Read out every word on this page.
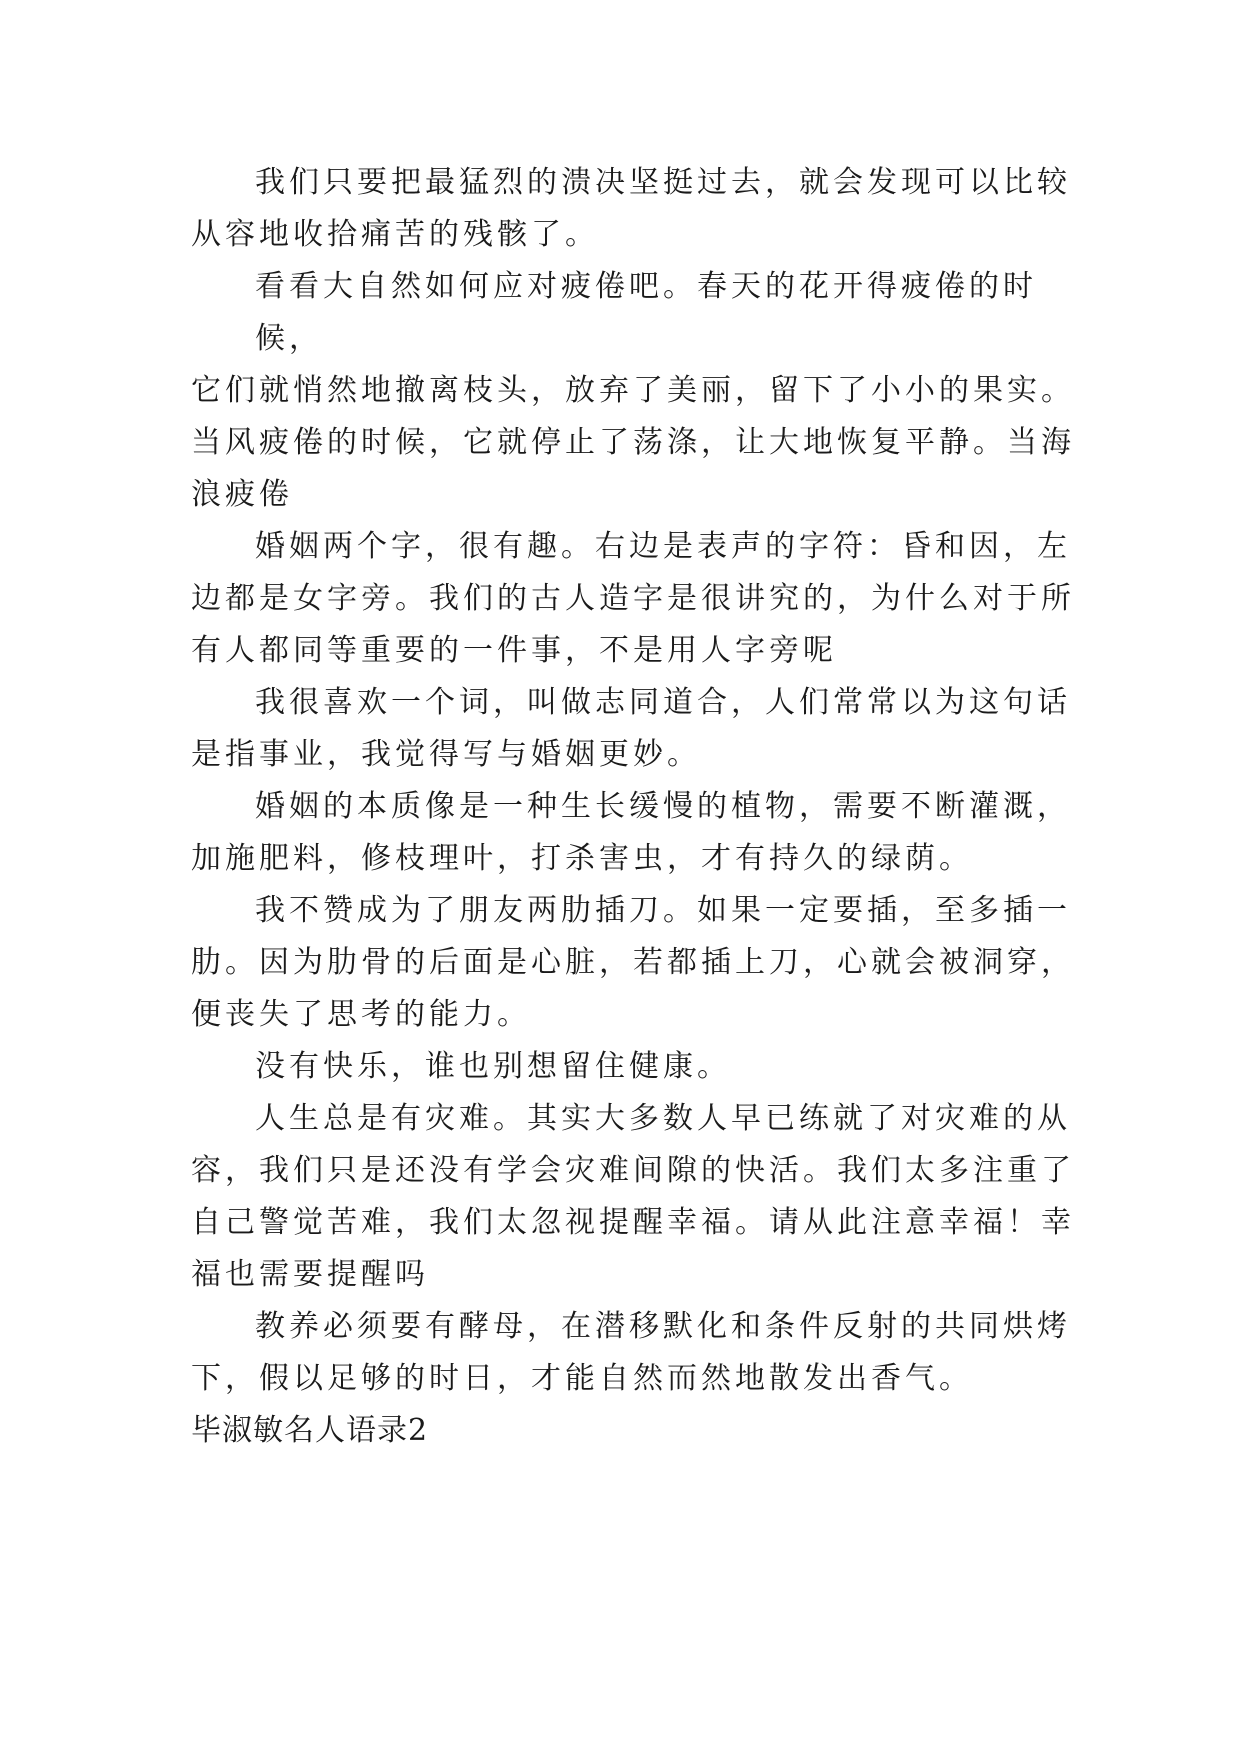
我们只要把最猛烈的溃决坚挺过去，就会发现可以比较
从容地收拾痛苦的残骸了。
看看大自然如何应对疲倦吧。春天的花开得疲倦的时候，
它们就悄然地撤离枝头，放弃了美丽，留下了小小的果实。
当风疲倦的时候，它就停止了荡涤，让大地恢复平静。当海
浪疲倦
婚姻两个字，很有趣。右边是表声的字符：昏和因，左
边都是女字旁。我们的古人造字是很讲究的，为什么对于所
有人都同等重要的一件事，不是用人字旁呢
我很喜欢一个词，叫做志同道合，人们常常以为这句话
是指事业，我觉得写与婚姻更妙。
婚姻的本质像是一种生长缓慢的植物，需要不断灌溉，
加施肥料，修枝理叶，打杀害虫，才有持久的绿荫。
我不赞成为了朋友两肋插刀。如果一定要插，至多插一
肋。因为肋骨的后面是心脏，若都插上刀，心就会被洞穿，
便丧失了思考的能力。
没有快乐，谁也别想留住健康。
人生总是有灾难。其实大多数人早已练就了对灾难的从
容，我们只是还没有学会灾难间隙的快活。我们太多注重了
自己警觉苦难，我们太忽视提醒幸福。请从此注意幸福！幸
福也需要提醒吗
教养必须要有酵母，在潜移默化和条件反射的共同烘烤
下，假以足够的时日，才能自然而然地散发出香气。
毕淑敏名人语录2
